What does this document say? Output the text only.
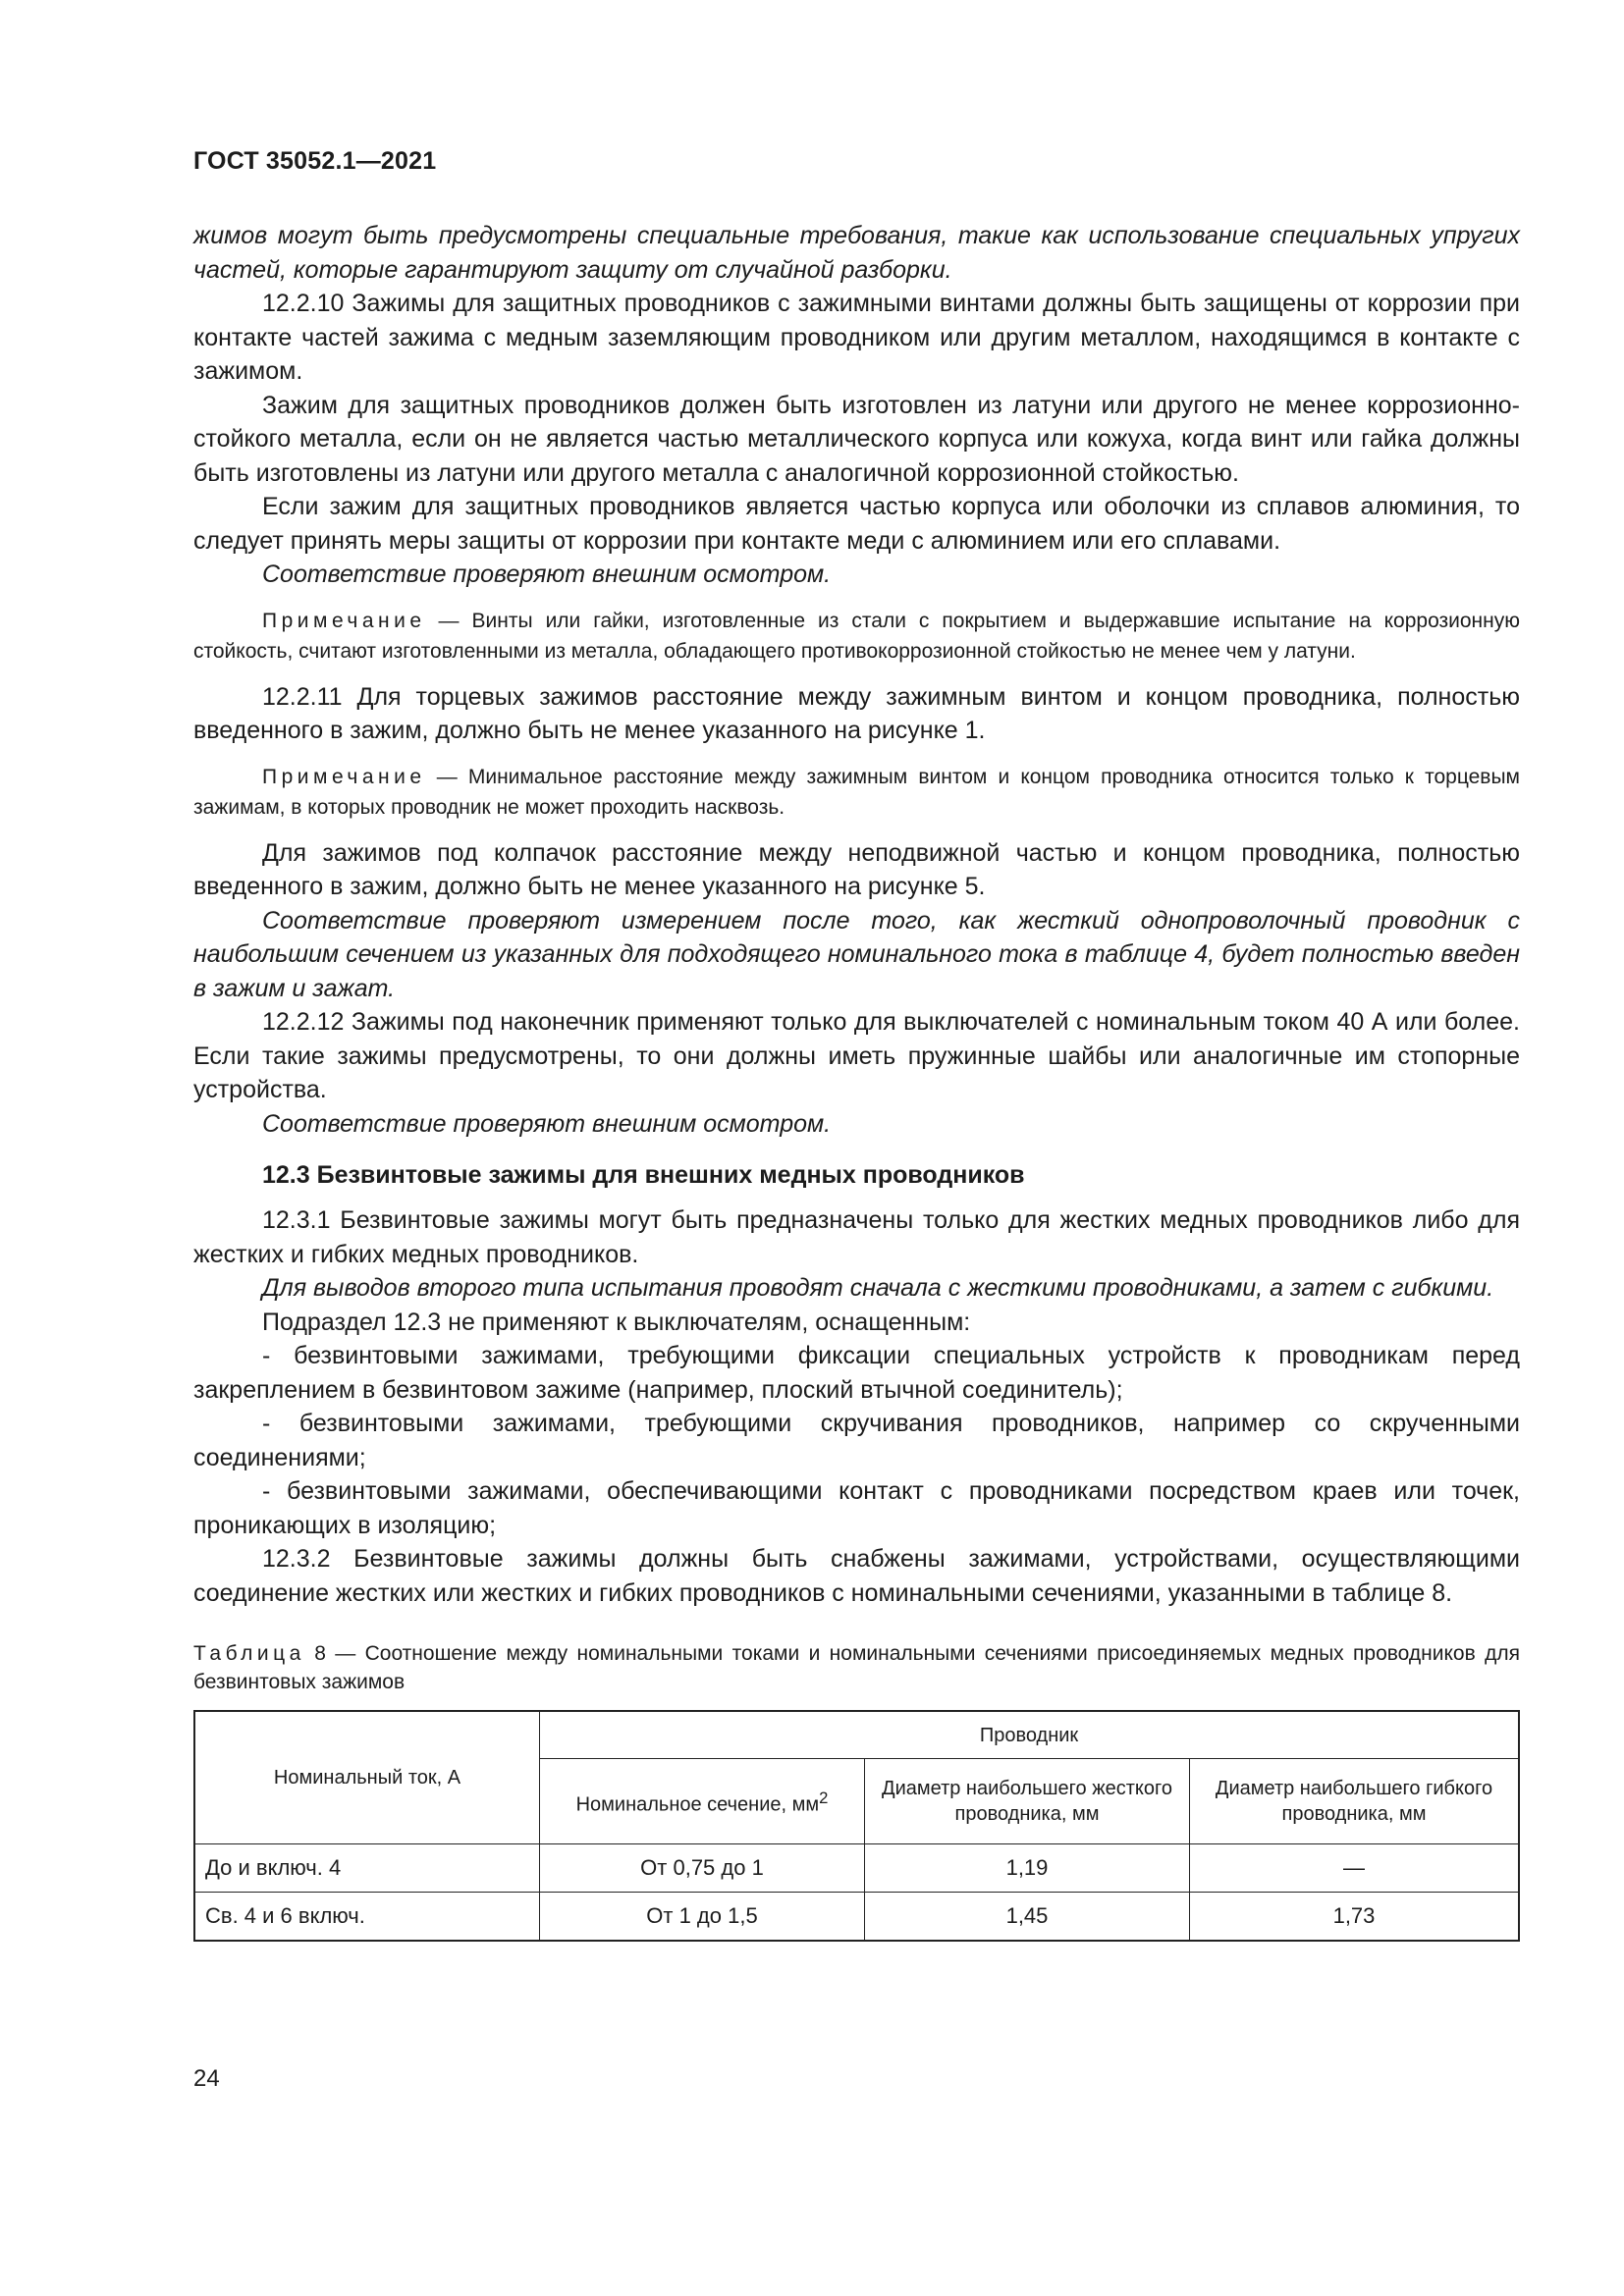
ГОСТ 35052.1—2021

жимов могут быть предусмотрены специальные требования, такие как использование специальных упругих частей, которые гарантируют защиту от случайной разборки.

12.2.10 Зажимы для защитных проводников с зажимными винтами должны быть защищены от коррозии при контакте частей зажима с медным заземляющим проводником или другим металлом, находящимся в контакте с зажимом.

Зажим для защитных проводников должен быть изготовлен из латуни или другого не менее коррозионно-стойкого металла, если он не является частью металлического корпуса или кожуха, когда винт или гайка должны быть изготовлены из латуни или другого металла с аналогичной коррозионной стойкостью.

Если зажим для защитных проводников является частью корпуса или оболочки из сплавов алюминия, то следует принять меры защиты от коррозии при контакте меди с алюминием или его сплавами.

Соответствие проверяют внешним осмотром.

Примечание — Винты или гайки, изготовленные из стали с покрытием и выдержавшие испытание на коррозионную стойкость, считают изготовленными из металла, обладающего противокоррозионной стойкостью не менее чем у латуни.

12.2.11 Для торцевых зажимов расстояние между зажимным винтом и концом проводника, полностью введенного в зажим, должно быть не менее указанного на рисунке 1.

Примечание — Минимальное расстояние между зажимным винтом и концом проводника относится только к торцевым зажимам, в которых проводник не может проходить насквозь.

Для зажимов под колпачок расстояние между неподвижной частью и концом проводника, полностью введенного в зажим, должно быть не менее указанного на рисунке 5.

Соответствие проверяют измерением после того, как жесткий однопроволочный проводник с наибольшим сечением из указанных для подходящего номинального тока в таблице 4, будет полностью введен в зажим и зажат.

12.2.12 Зажимы под наконечник применяют только для выключателей с номинальным током 40 А или более. Если такие зажимы предусмотрены, то они должны иметь пружинные шайбы или аналогичные им стопорные устройства.

Соответствие проверяют внешним осмотром.

12.3 Безвинтовые зажимы для внешних медных проводников

12.3.1 Безвинтовые зажимы могут быть предназначены только для жестких медных проводников либо для жестких и гибких медных проводников.

Для выводов второго типа испытания проводят сначала с жесткими проводниками, а затем с гибкими.

Подраздел 12.3 не применяют к выключателям, оснащенным:

- безвинтовыми зажимами, требующими фиксации специальных устройств к проводникам перед закреплением в безвинтовом зажиме (например, плоский втычной соединитель);

- безвинтовыми зажимами, требующими скручивания проводников, например со скрученными соединениями;

- безвинтовыми зажимами, обеспечивающими контакт с проводниками посредством краев или точек, проникающих в изоляцию;

12.3.2 Безвинтовые зажимы должны быть снабжены зажимами, устройствами, осуществляющими соединение жестких или жестких и гибких проводников с номинальными сечениями, указанными в таблице 8.

Таблица 8 — Соотношение между номинальными токами и номинальными сечениями присоединяемых медных проводников для безвинтовых зажимов
Номинальный ток, А	Проводник		
	Номинальное сечение, $мм^2$	Диаметр наибольшего жесткого проводника, мм	Диаметр наибольшего гибкого проводника, мм
До и включ. 4	От 0,75 до 1	1,19	—
Св. 4 и 6 включ.	От 1 до 1,5	1,45	1,73
24
